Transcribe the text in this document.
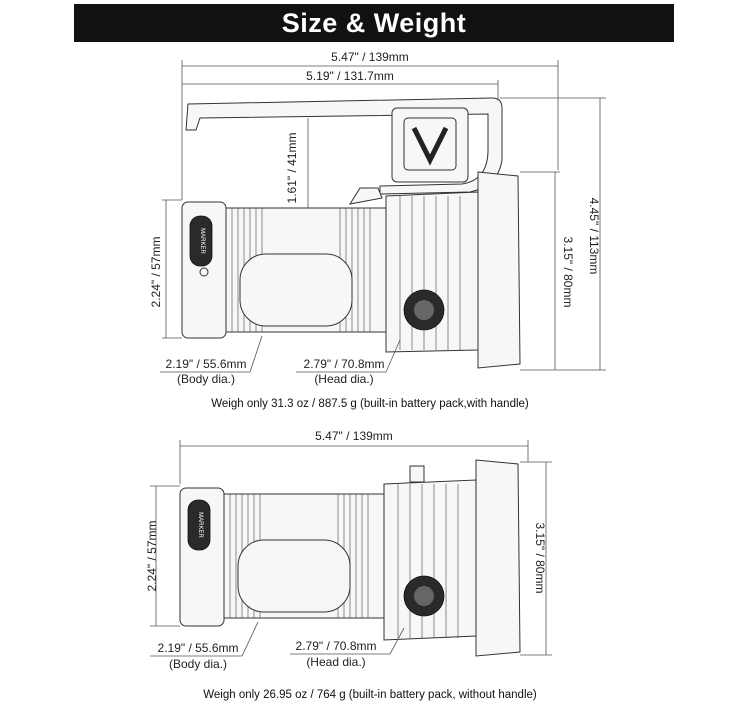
Size & Weight
5.47" / 139mm
5.19" / 131.7mm
1.61" / 41mm
4.45" / 113mm
3.15" / 80mm
2.24" / 57mm	MARKER
2.19" / 55.6mm
(Body dia.)
2.79" / 70.8mm
(Head dia.)
Weigh only 31.3 oz / 887.5 g (built-in battery pack,with handle)
5.47" / 139mm
3.15" / 80mm
2.24" / 57mm	MARKER
2.19" / 55.6mm
(Body dia.)
2.79" / 70.8mm
(Head dia.)
Weigh only 26.95 oz / 764 g (built-in battery pack, without handle)
